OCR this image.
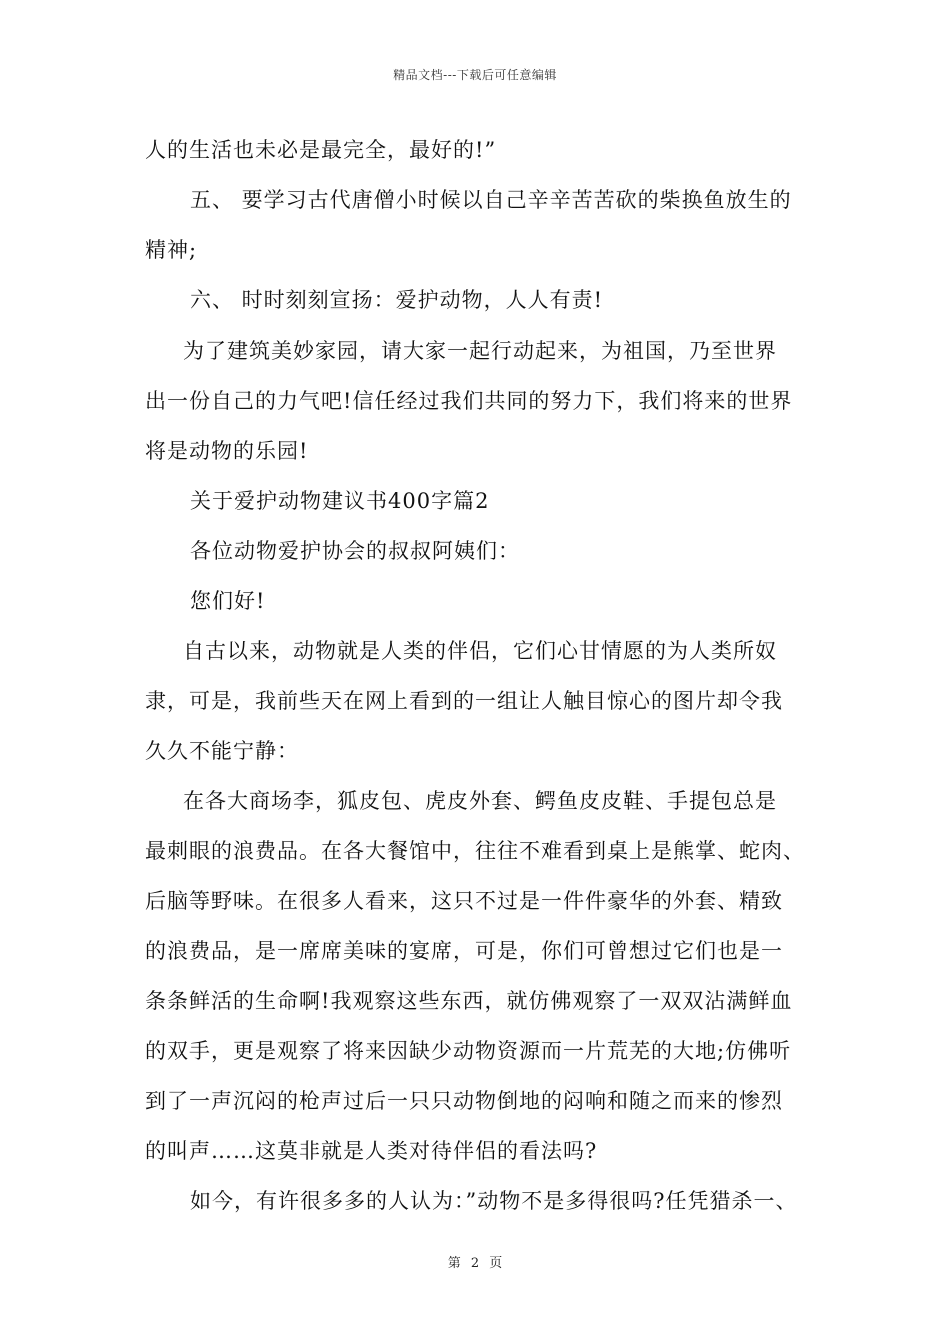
精品文档---下载后可任意编辑
人的生活也未必是最完全，最好的!”
五、 要学习古代唐僧小时候以自己辛辛苦苦砍的柴换鱼放生的
精神;
六、 时时刻刻宣扬：爱护动物，人人有责!
为了建筑美妙家园，请大家一起行动起来，为祖国，乃至世界
出一份自己的力气吧!信任经过我们共同的努力下，我们将来的世界
将是动物的乐园!
关于爱护动物建议书400字篇2
各位动物爱护协会的叔叔阿姨们：
您们好!
自古以来，动物就是人类的伴侣，它们心甘情愿的为人类所奴
隶，可是，我前些天在网上看到的一组让人触目惊心的图片却令我
久久不能宁静：
在各大商场李，狐皮包、虎皮外套、鳄鱼皮皮鞋、手提包总是
最刺眼的浪费品。在各大餐馆中，往往不难看到桌上是熊掌、蛇肉、
后脑等野味。在很多人看来，这只不过是一件件豪华的外套、精致
的浪费品，是一席席美味的宴席，可是，你们可曾想过它们也是一
条条鲜活的生命啊!我观察这些东西，就仿佛观察了一双双沾满鲜血
的双手，更是观察了将来因缺少动物资源而一片荒芜的大地;仿佛听
到了一声沉闷的枪声过后一只只动物倒地的闷响和随之而来的惨烈
的叫声……这莫非就是人类对待伴侣的看法吗?
如今，有许很多多的人认为：”动物不是多得很吗?任凭猎杀一、
第 2 页
